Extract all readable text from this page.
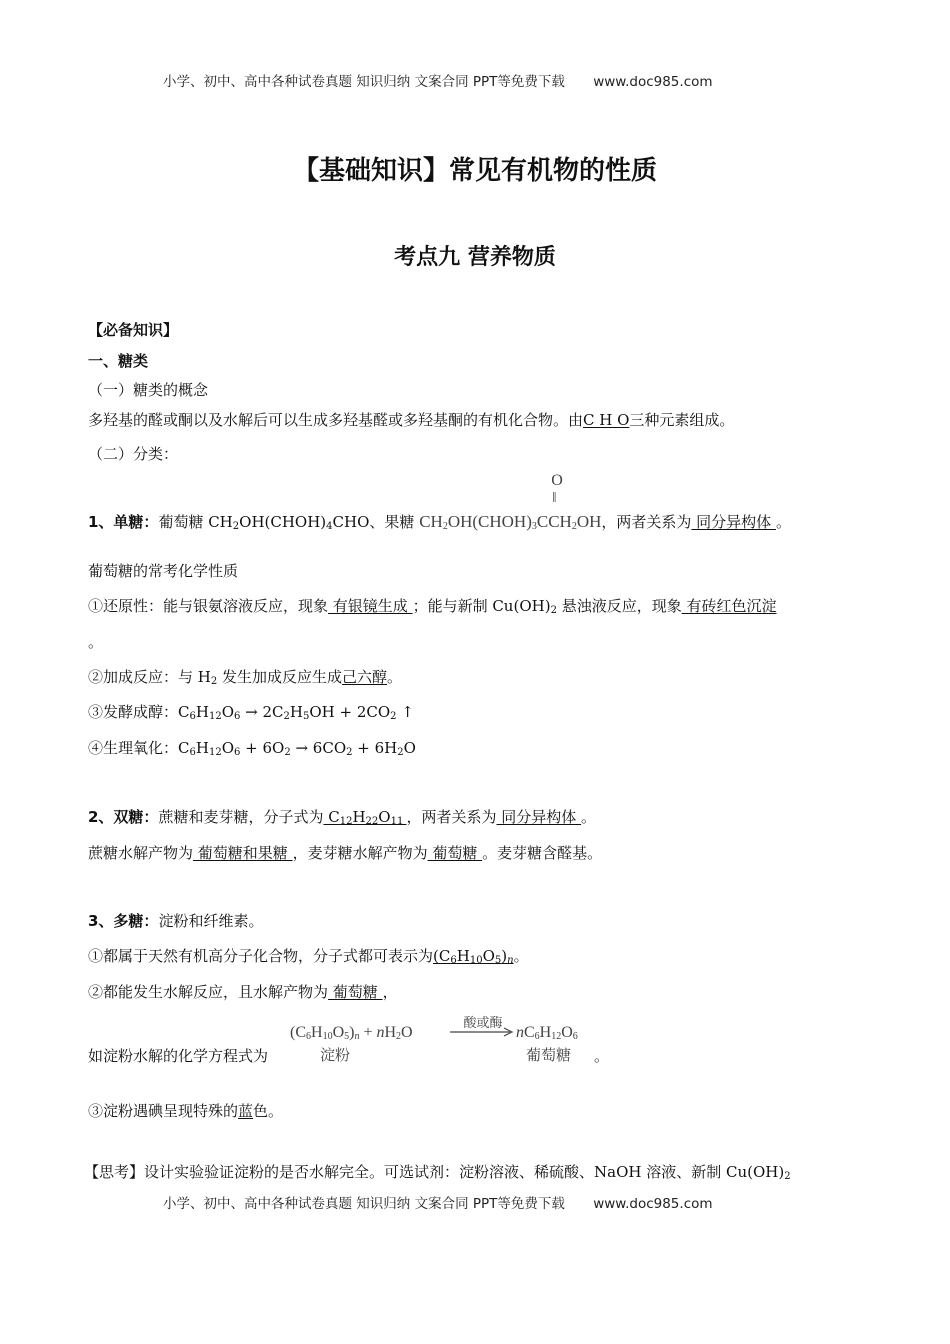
小学、初中、高中各种试卷真题 知识归纳 文案合同 PPT等免费下载 www.doc985.com
【基础知识】常见有机物的性质
考点九 营养物质
【必备知识】
一、糖类
（一）糖类的概念
多羟基的醛或酮以及水解后可以生成多羟基醛或多羟基酮的有机化合物。由C H O三种元素组成。
（二）分类：
1、单糖：葡萄糖 $CH_2OH(CHOH)_4CHO$、果糖 $CH_2OH(CHOH)_3CCH_2OH$
O
‖
，两者关系为 同分异构体 。
葡萄糖的常考化学性质
①还原性：能与银氨溶液反应，现象 有银镜生成 ；能与新制 $Cu(OH)_2$ 悬浊液反应，现象 有砖红色沉淀
。
②加成反应：与 $H_2$ 发生加成反应生成己六醇。
③发酵成醇：$C_6H_{12}O_6 \to 2C_2H_5OH + 2CO_2$ ↑
④生理氧化：$C_6H_{12}O_6 + 6O_2 \to 6CO_2 + 6H_2O$
2、双糖：蔗糖和麦芽糖，分子式为 $C_{12}H_{22}O_{11}$ ，两者关系为 同分异构体 。
蔗糖水解产物为 葡萄糖和果糖 ，麦芽糖水解产物为 葡萄糖 。麦芽糖含醛基。
3、多糖：淀粉和纤维素。
①都属于天然有机高分子化合物，分子式都可表示为$(C_6H_{10}O_5)_n$。
②都能发生水解反应，且水解产物为 葡萄糖 ，
如淀粉水解的化学方程式为
$(C_6H_{10}O_5)_n + nH_2O$
酸或酶
$nC_6H_{12}O_6$
淀粉	葡萄糖 。
③淀粉遇碘呈现特殊的蓝色。
【思考】设计实验验证淀粉的是否水解完全。可选试剂：淀粉溶液、稀硫酸、NaOH 溶液、新制 $Cu(OH)_2$
小学、初中、高中各种试卷真题 知识归纳 文案合同 PPT等免费下载 www.doc985.com
